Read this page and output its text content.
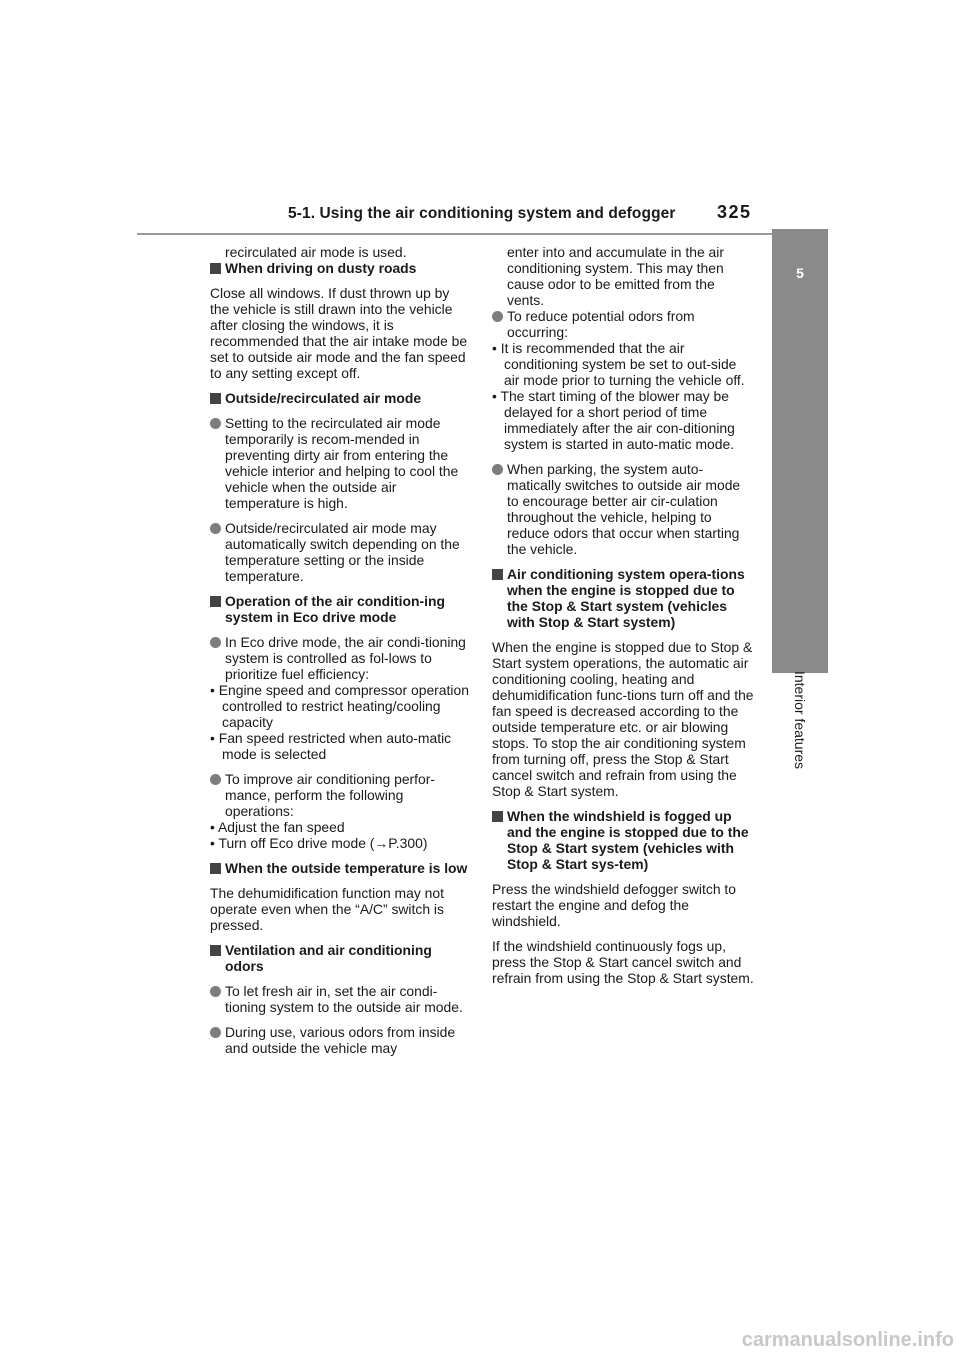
5-1. Using the air conditioning system and defogger 325
5
Interior features

recirculated air mode is used.

When driving on dusty roads

Close all windows. If dust thrown up by the vehicle is still drawn into the vehicle after closing the windows, it is recommended that the air intake mode be set to outside air mode and the fan speed to any setting except off.

Outside/recirculated air mode

Setting to the recirculated air mode temporarily is recom-mended in preventing dirty air from entering the vehicle interior and helping to cool the vehicle when the outside air temperature is high.

Outside/recirculated air mode may automatically switch depending on the temperature setting or the inside temperature.

Operation of the air condition-ing system in Eco drive mode

In Eco drive mode, the air condi-tioning system is controlled as fol-lows to prioritize fuel efficiency:

• Engine speed and compressor operation controlled to restrict heating/cooling capacity

• Fan speed restricted when auto-matic mode is selected

To improve air conditioning perfor-mance, perform the following operations:

• Adjust the fan speed

• Turn off Eco drive mode (→P.300)

When the outside temperature is low

The dehumidification function may not operate even when the “A/C” switch is pressed.

Ventilation and air conditioning odors

To let fresh air in, set the air condi-tioning system to the outside air mode.

During use, various odors from inside and outside the vehicle may

enter into and accumulate in the air conditioning system. This may then cause odor to be emitted from the vents.

To reduce potential odors from occurring:

• It is recommended that the air conditioning system be set to out-side air mode prior to turning the vehicle off.

• The start timing of the blower may be delayed for a short period of time immediately after the air con-ditioning system is started in auto-matic mode.

When parking, the system auto-matically switches to outside air mode to encourage better air cir-culation throughout the vehicle, helping to reduce odors that occur when starting the vehicle.

Air conditioning system opera-tions when the engine is stopped due to the Stop & Start system (vehicles with Stop & Start system)

When the engine is stopped due to Stop & Start system operations, the automatic air conditioning cooling, heating and dehumidification func-tions turn off and the fan speed is decreased according to the outside temperature etc. or air blowing stops. To stop the air conditioning system from turning off, press the Stop & Start cancel switch and refrain from using the Stop & Start system.

When the windshield is fogged up and the engine is stopped due to the Stop & Start system (vehicles with Stop & Start sys-tem)

Press the windshield defogger switch to restart the engine and defog the windshield.

If the windshield continuously fogs up, press the Stop & Start cancel switch and refrain from using the Stop & Start system.

carmanualsonline.info
